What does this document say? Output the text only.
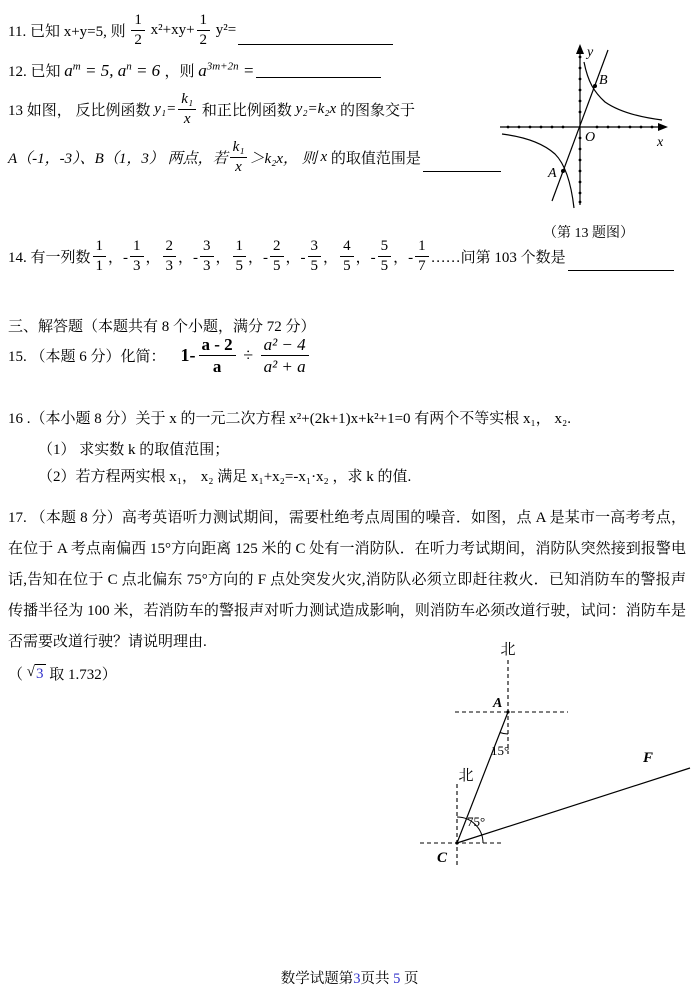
11. 已知 x+y=5, 则 $\frac{1}{2} x^2+xy+ \frac{1}{2} y^2=$
12. 已知 $a^m = 5$, $a^n = 6$ ，则 $a^{3m+2n}$ =
13 如图， 反比例函数 $y_1= \frac{\text{k₁}}{x}$ 和正比例函数 y₂=k₂x 的图象交于
A（-1，-3）、B（1，3） 两点，若 $\frac{\text{k₁}}{x} >k_2x$， 则 x 的取值范围是
y
x
O
B
A
（第 13 题图）
14. 有一列数 $\frac{1}{1}$ ，- $\frac{1}{3}$ ， $\frac{2}{3}$ ，- $\frac{3}{3}$ ， $\frac{1}{5}$ ，- $\frac{2}{5}$ ，- $\frac{3}{5}$ ， $\frac{4}{5}$ ，- $\frac{5}{5}$ ，- $\frac{1}{7}$ ……问第 103 个数是
三、解答题（本题共有 8 个小题，满分 72 分）
15. （本题 6 分）化简： $1- \frac{a - 2}{a} \div \frac{\text{a² − 4}}{\text{a² + a}}$
16 .（本小题 8 分）关于 x 的一元二次方程 x²+(2k+1)x+k²+1=0 有两个不等实根 x₁， x₂.
（1） 求实数 k 的取值范围；
（2）若方程两实根 x₁， x₂ 满足 x₁+x₂=-x₁·x₂ ，求 k 的值.
17. （本题 8 分）高考英语听力测试期间，需要杜绝考点周围的噪音．如图，点 A 是某市一高考考点，在位于 A 考点南偏西 15°方向距离 125 米的 C 处有一消防队．在听力考试期间，消防队突然接到报警电话,告知在位于 C 点北偏东 75°方向的 F 点处突发火灾,消防队必须立即赶往救火．已知消防车的警报声传播半径为 100 米，若消防车的警报声对听力测试造成影响，则消防车必须改道行驶，试问：消防车是否需要改道行驶？请说明理由.
（ √ 3 取 1.732）
北
A
15°
北
75°
C
F

数学试题第3页共 5 页
